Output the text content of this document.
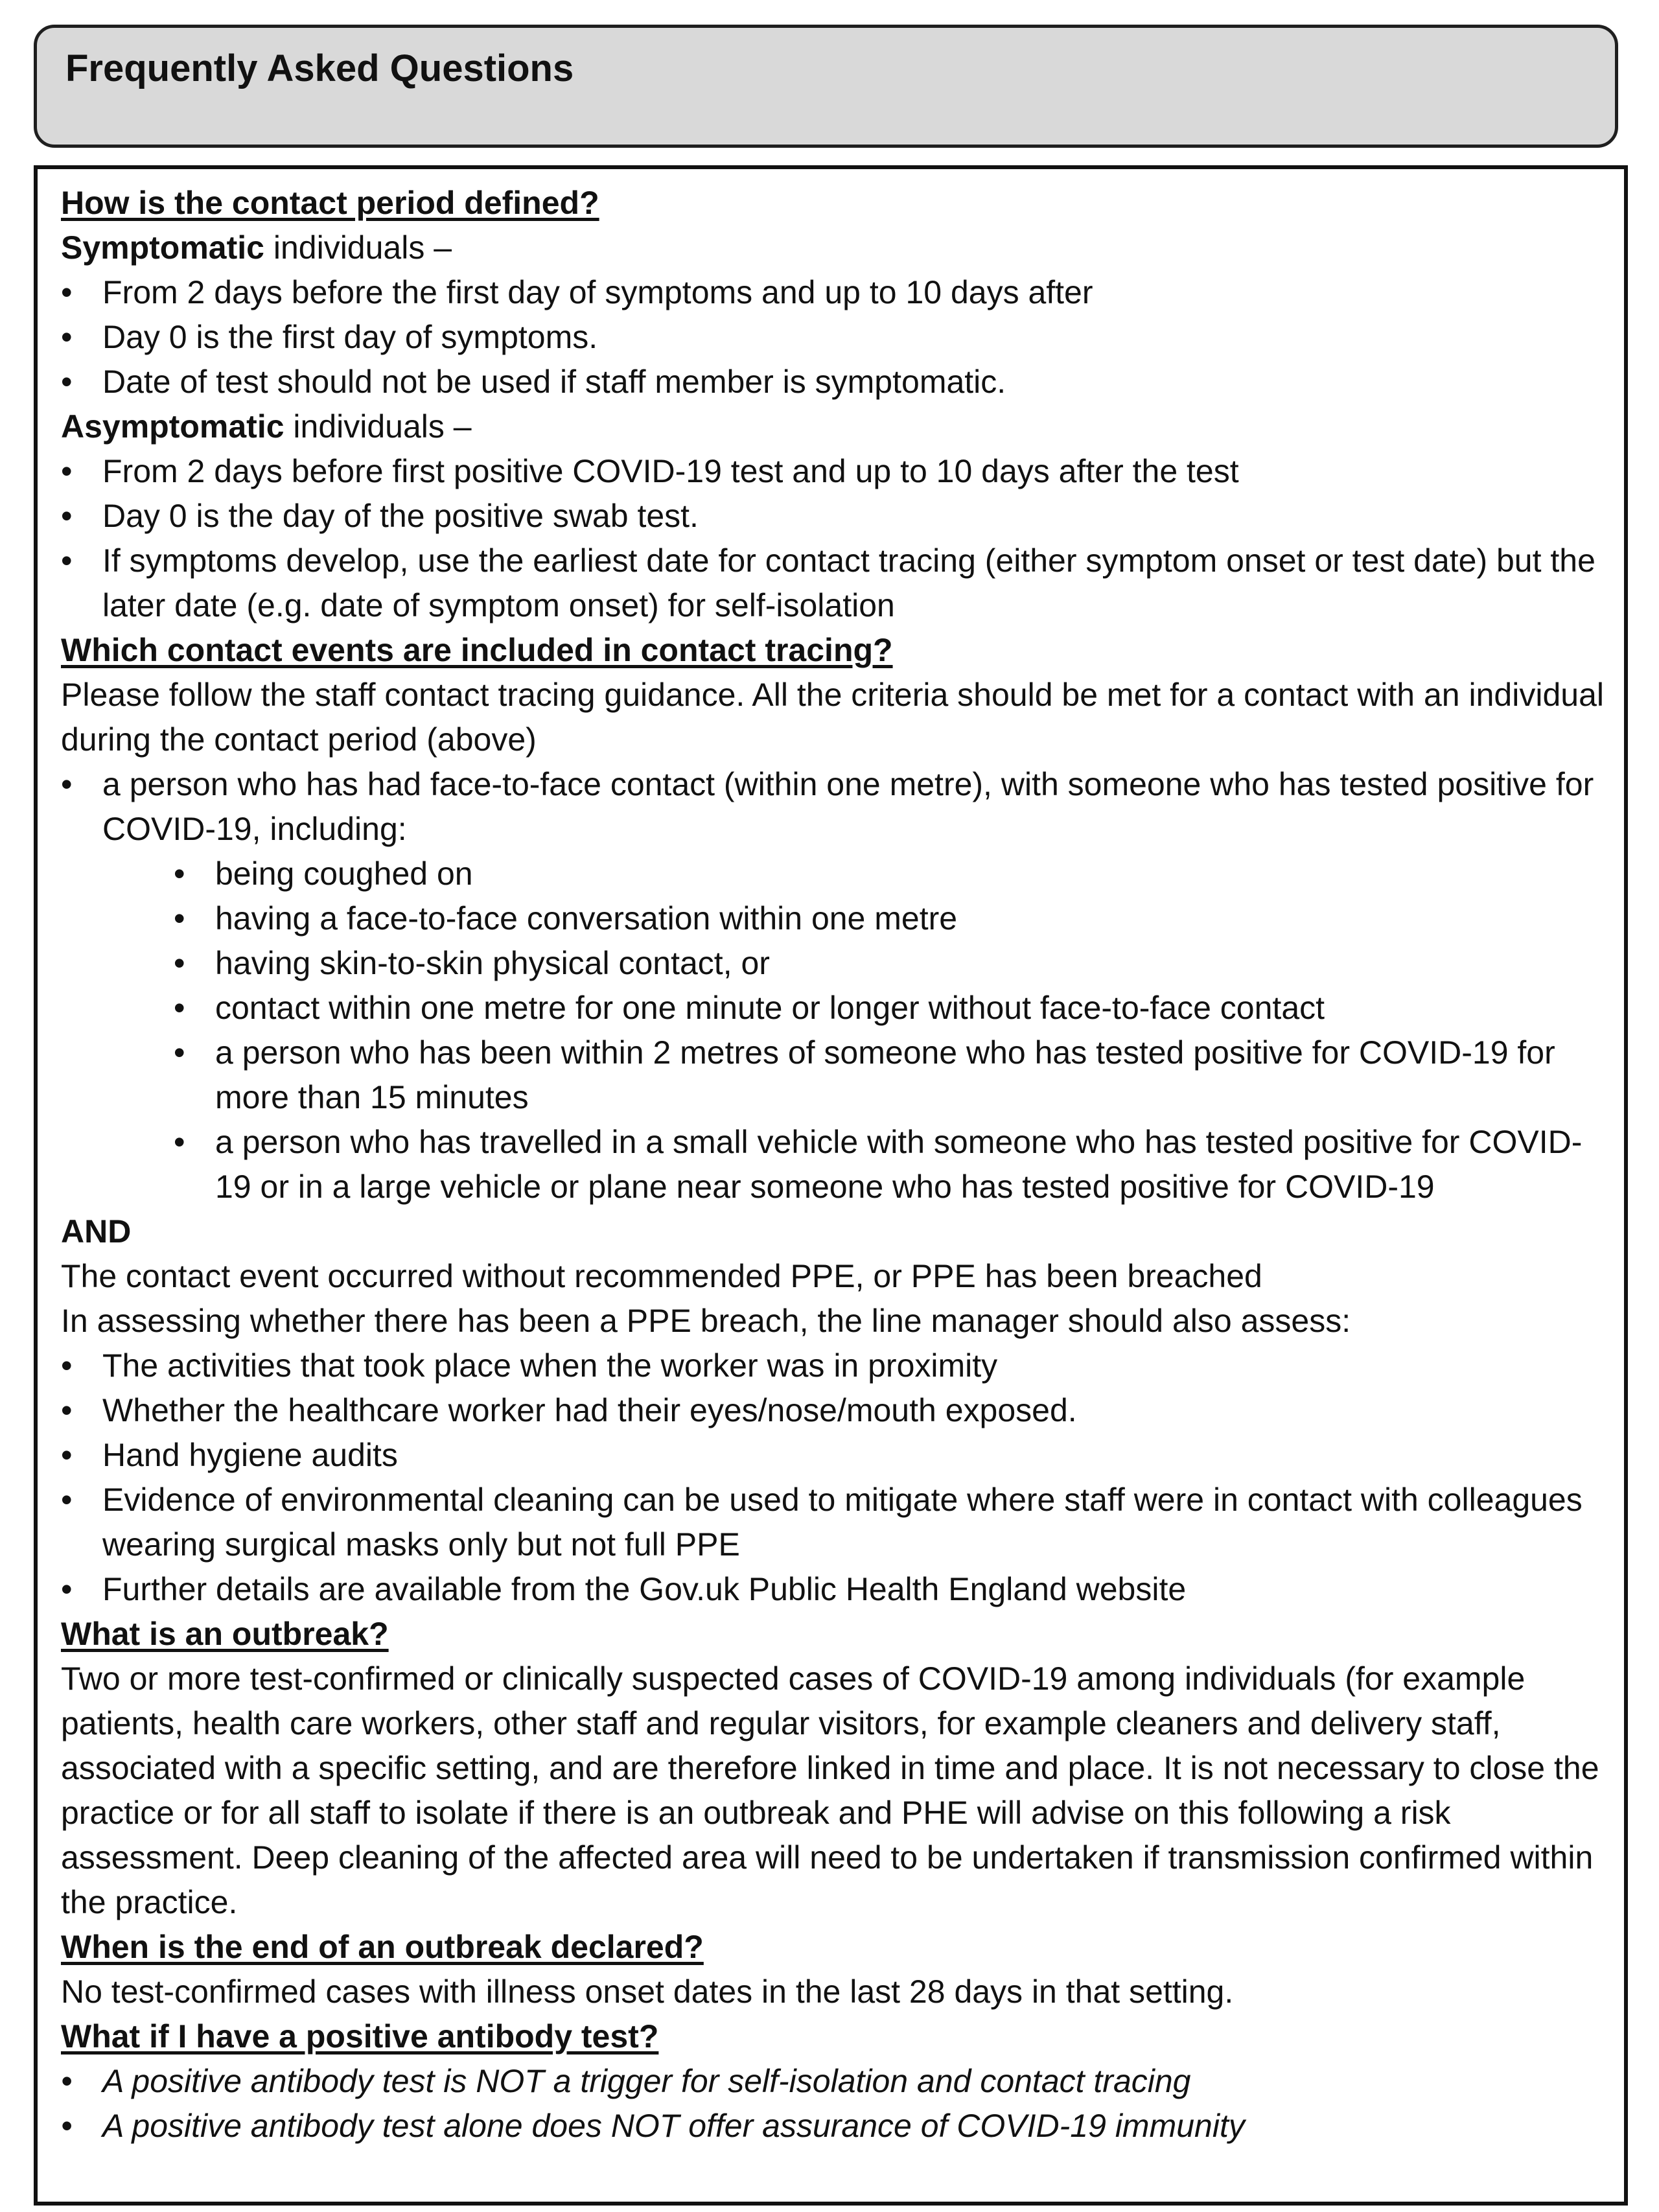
Frequently Asked Questions

How is the contact period defined?

Symptomatic individuals –

• From 2 days before the first day of symptoms and up to 10 days after
• Day 0 is the first day of symptoms.
• Date of test should not be used if staff member is symptomatic.

Asymptomatic individuals –

• From 2 days before first positive COVID-19 test and up to 10 days after the test
• Day 0 is the day of the positive swab test.
• If symptoms develop, use the earliest date for contact tracing (either symptom onset or test date) but the later date (e.g. date of symptom onset) for self-isolation

Which contact events are included in contact tracing?

Please follow the staff contact tracing guidance. All the criteria should be met for a contact with an individual during the contact period (above)

• a person who has had face-to-face contact (within one metre), with someone who has tested positive for COVID-19, including:
• being coughed on
• having a face-to-face conversation within one metre
• having skin-to-skin physical contact, or
• contact within one metre for one minute or longer without face-to-face contact
• a person who has been within 2 metres of someone who has tested positive for COVID-19 for more than 15 minutes
• a person who has travelled in a small vehicle with someone who has tested positive for COVID-19 or in a large vehicle or plane near someone who has tested positive for COVID-19

AND

The contact event occurred without recommended PPE, or PPE has been breached

In assessing whether there has been a PPE breach, the line manager should also assess:

• The activities that took place when the worker was in proximity
• Whether the healthcare worker had their eyes/nose/mouth exposed.
• Hand hygiene audits
• Evidence of environmental cleaning can be used to mitigate where staff were in contact with colleagues wearing surgical masks only but not full PPE
• Further details are available from the Gov.uk Public Health England website

What is an outbreak?

Two or more test-confirmed or clinically suspected cases of COVID-19 among individuals (for example patients, health care workers, other staff and regular visitors, for example cleaners and delivery staff, associated with a specific setting, and are therefore linked in time and place. It is not necessary to close the practice or for all staff to isolate if there is an outbreak and PHE will advise on this following a risk assessment. Deep cleaning of the affected area will need to be undertaken if transmission confirmed within the practice.

When is the end of an outbreak declared?

No test-confirmed cases with illness onset dates in the last 28 days in that setting.

What if I have a positive antibody test?

• A positive antibody test is NOT a trigger for self-isolation and contact tracing
• A positive antibody test alone does NOT offer assurance of COVID-19 immunity
